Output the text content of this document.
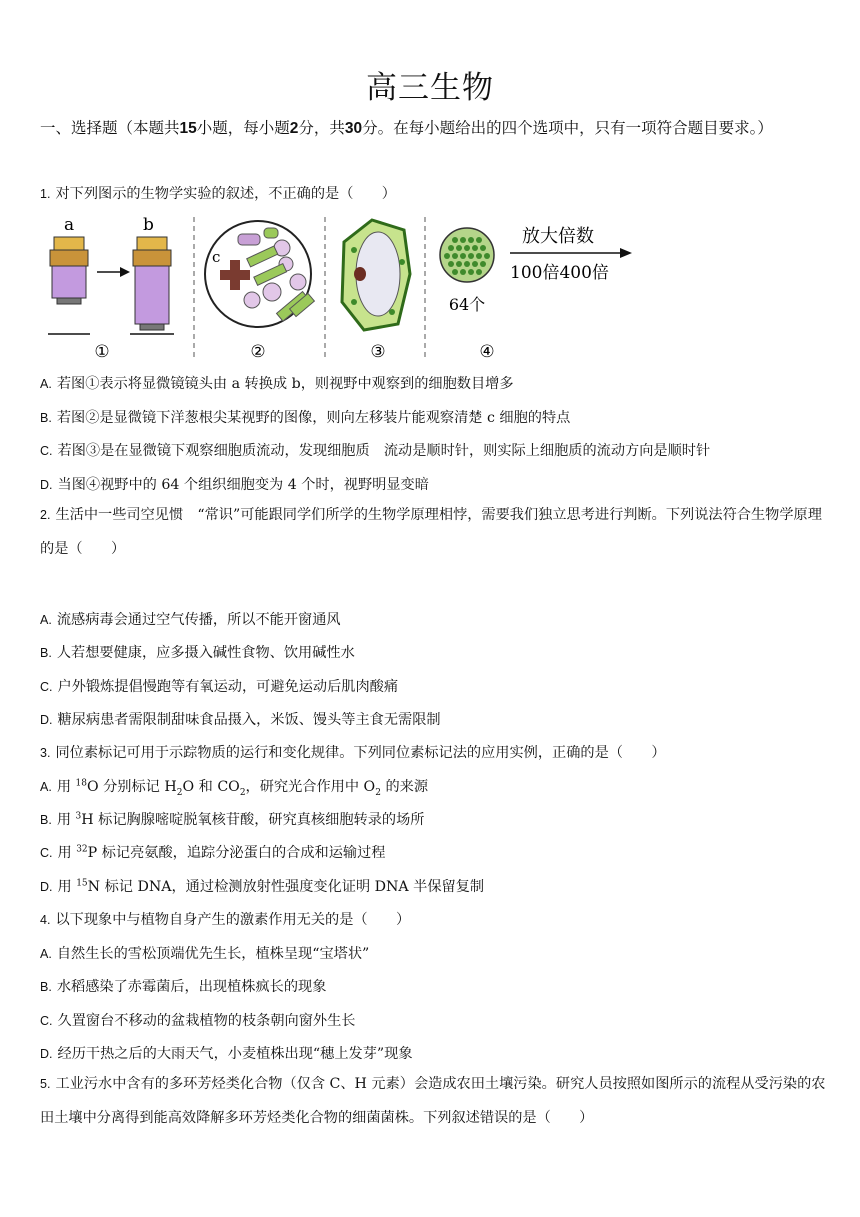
高三生物
一、选择题（本题共15小题，每小题2分，共30分。在每小题给出的四个选项中，只有一项符合题目要求。）
1. 对下列图示的生物学实验的叙述，不正确的是（　　）
a	b
①
c
②	③
64个
放大倍数
100倍400倍
④
A. 若图①表示将显微镜镜头由 a 转换成 b，则视野中观察到的细胞数目增多
B. 若图②是显微镜下洋葱根尖某视野的图像，则向左移装片能观察清楚 c 细胞的特点
C. 若图③是在显微镜下观察细胞质流动，发现细胞质　流动是顺时针，则实际上细胞质的流动方向是顺时针
D. 当图④视野中的 64 个组织细胞变为 4 个时，视野明显变暗
2. 生活中一些司空见惯　“常识”可能跟同学们所学的生物学原理相悖，需要我们独立思考进行判断。下列说法符合生物学原理的是（　　）
A. 流感病毒会通过空气传播，所以不能开窗通风
B. 人若想要健康，应多摄入碱性食物、饮用碱性水
C. 户外锻炼提倡慢跑等有氧运动，可避免运动后肌肉酸痛
D. 糖尿病患者需限制甜味食品摄入，米饭、馒头等主食无需限制
3. 同位素标记可用于示踪物质的运行和变化规律。下列同位素标记法的应用实例，正确的是（　　）
A. 用 $^{18}$O 分别标记 $H_2O$ 和 $CO_2$，研究光合作用中 $O_2$ 的来源
B. 用 $^3$H 标记胸腺嘧啶脱氧核苷酸，研究真核细胞转录的场所
C. 用 $^{32}$P 标记亮氨酸，追踪分泌蛋白的合成和运输过程
D. 用 $^{15}$N 标记 DNA，通过检测放射性强度变化证明 DNA 半保留复制
4. 以下现象中与植物自身产生的激素作用无关的是（　　）
A. 自然生长的雪松顶端优先生长，植株呈现“宝塔状”
B. 水稻感染了赤霉菌后，出现植株疯长的现象
C. 久置窗台不移动的盆栽植物的枝条朝向窗外生长
D. 经历干热之后的大雨天气，小麦植株出现“穗上发芽”现象
5. 工业污水中含有的多环芳烃类化合物（仅含 C、H 元素）会造成农田土壤污染。研究人员按照如图所示的流程从受污染的农田土壤中分离得到能高效降解多环芳烃类化合物的细菌菌株。下列叙述错误的是（　　）
